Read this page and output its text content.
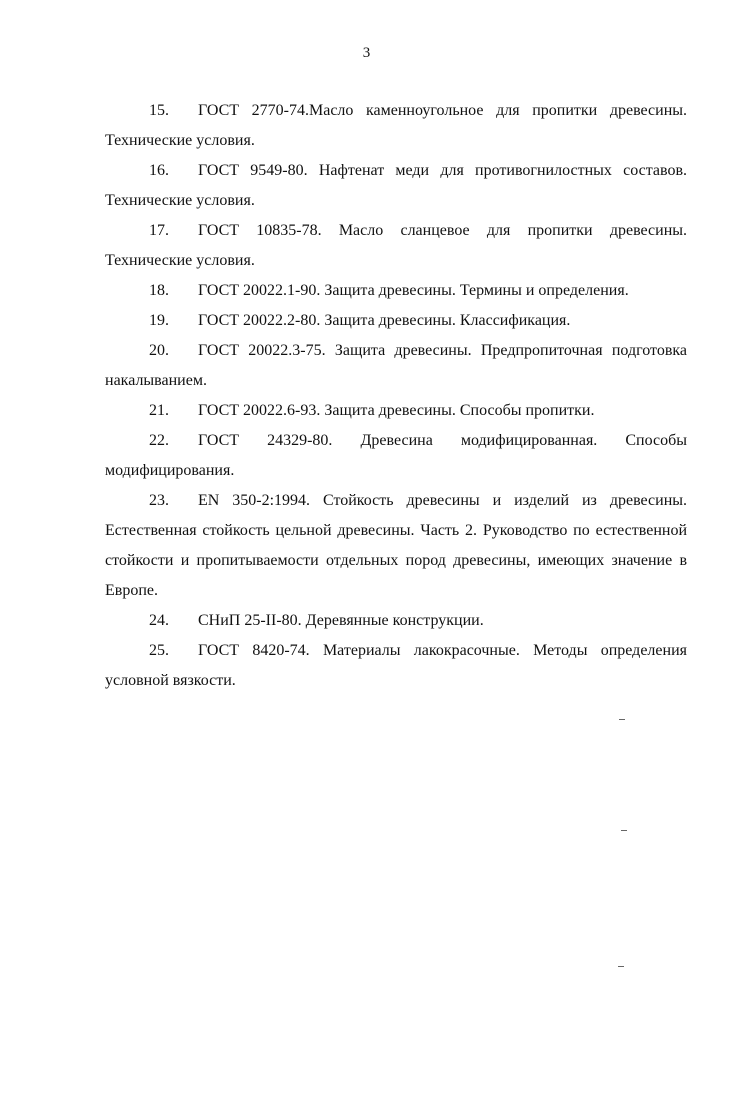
3
15. ГОСТ 2770-74.Масло каменноугольное для пропитки древесины. Технические условия.
16. ГОСТ 9549-80. Нафтенат меди для противогнилостных составов. Технические условия.
17. ГОСТ 10835-78. Масло сланцевое для пропитки древесины. Технические условия.
18. ГОСТ 20022.1-90. Защита древесины. Термины и определения.
19. ГОСТ 20022.2-80. Защита древесины. Классификация.
20. ГОСТ 20022.3-75. Защита древесины. Предпропиточная подготовка накалыванием.
21. ГОСТ 20022.6-93. Защита древесины. Способы пропитки.
22. ГОСТ 24329-80. Древесина модифицированная. Способы модифицирования.
23. EN 350-2:1994. Стойкость древесины и изделий из древесины. Естественная стойкость цельной древесины. Часть 2. Руководство по естественной стойкости и пропитываемости отдельных пород древесины, имеющих значение в Европе.
24. СНиП 25-II-80. Деревянные конструкции.
25. ГОСТ 8420-74. Материалы лакокрасочные. Методы определения условной вязкости.
